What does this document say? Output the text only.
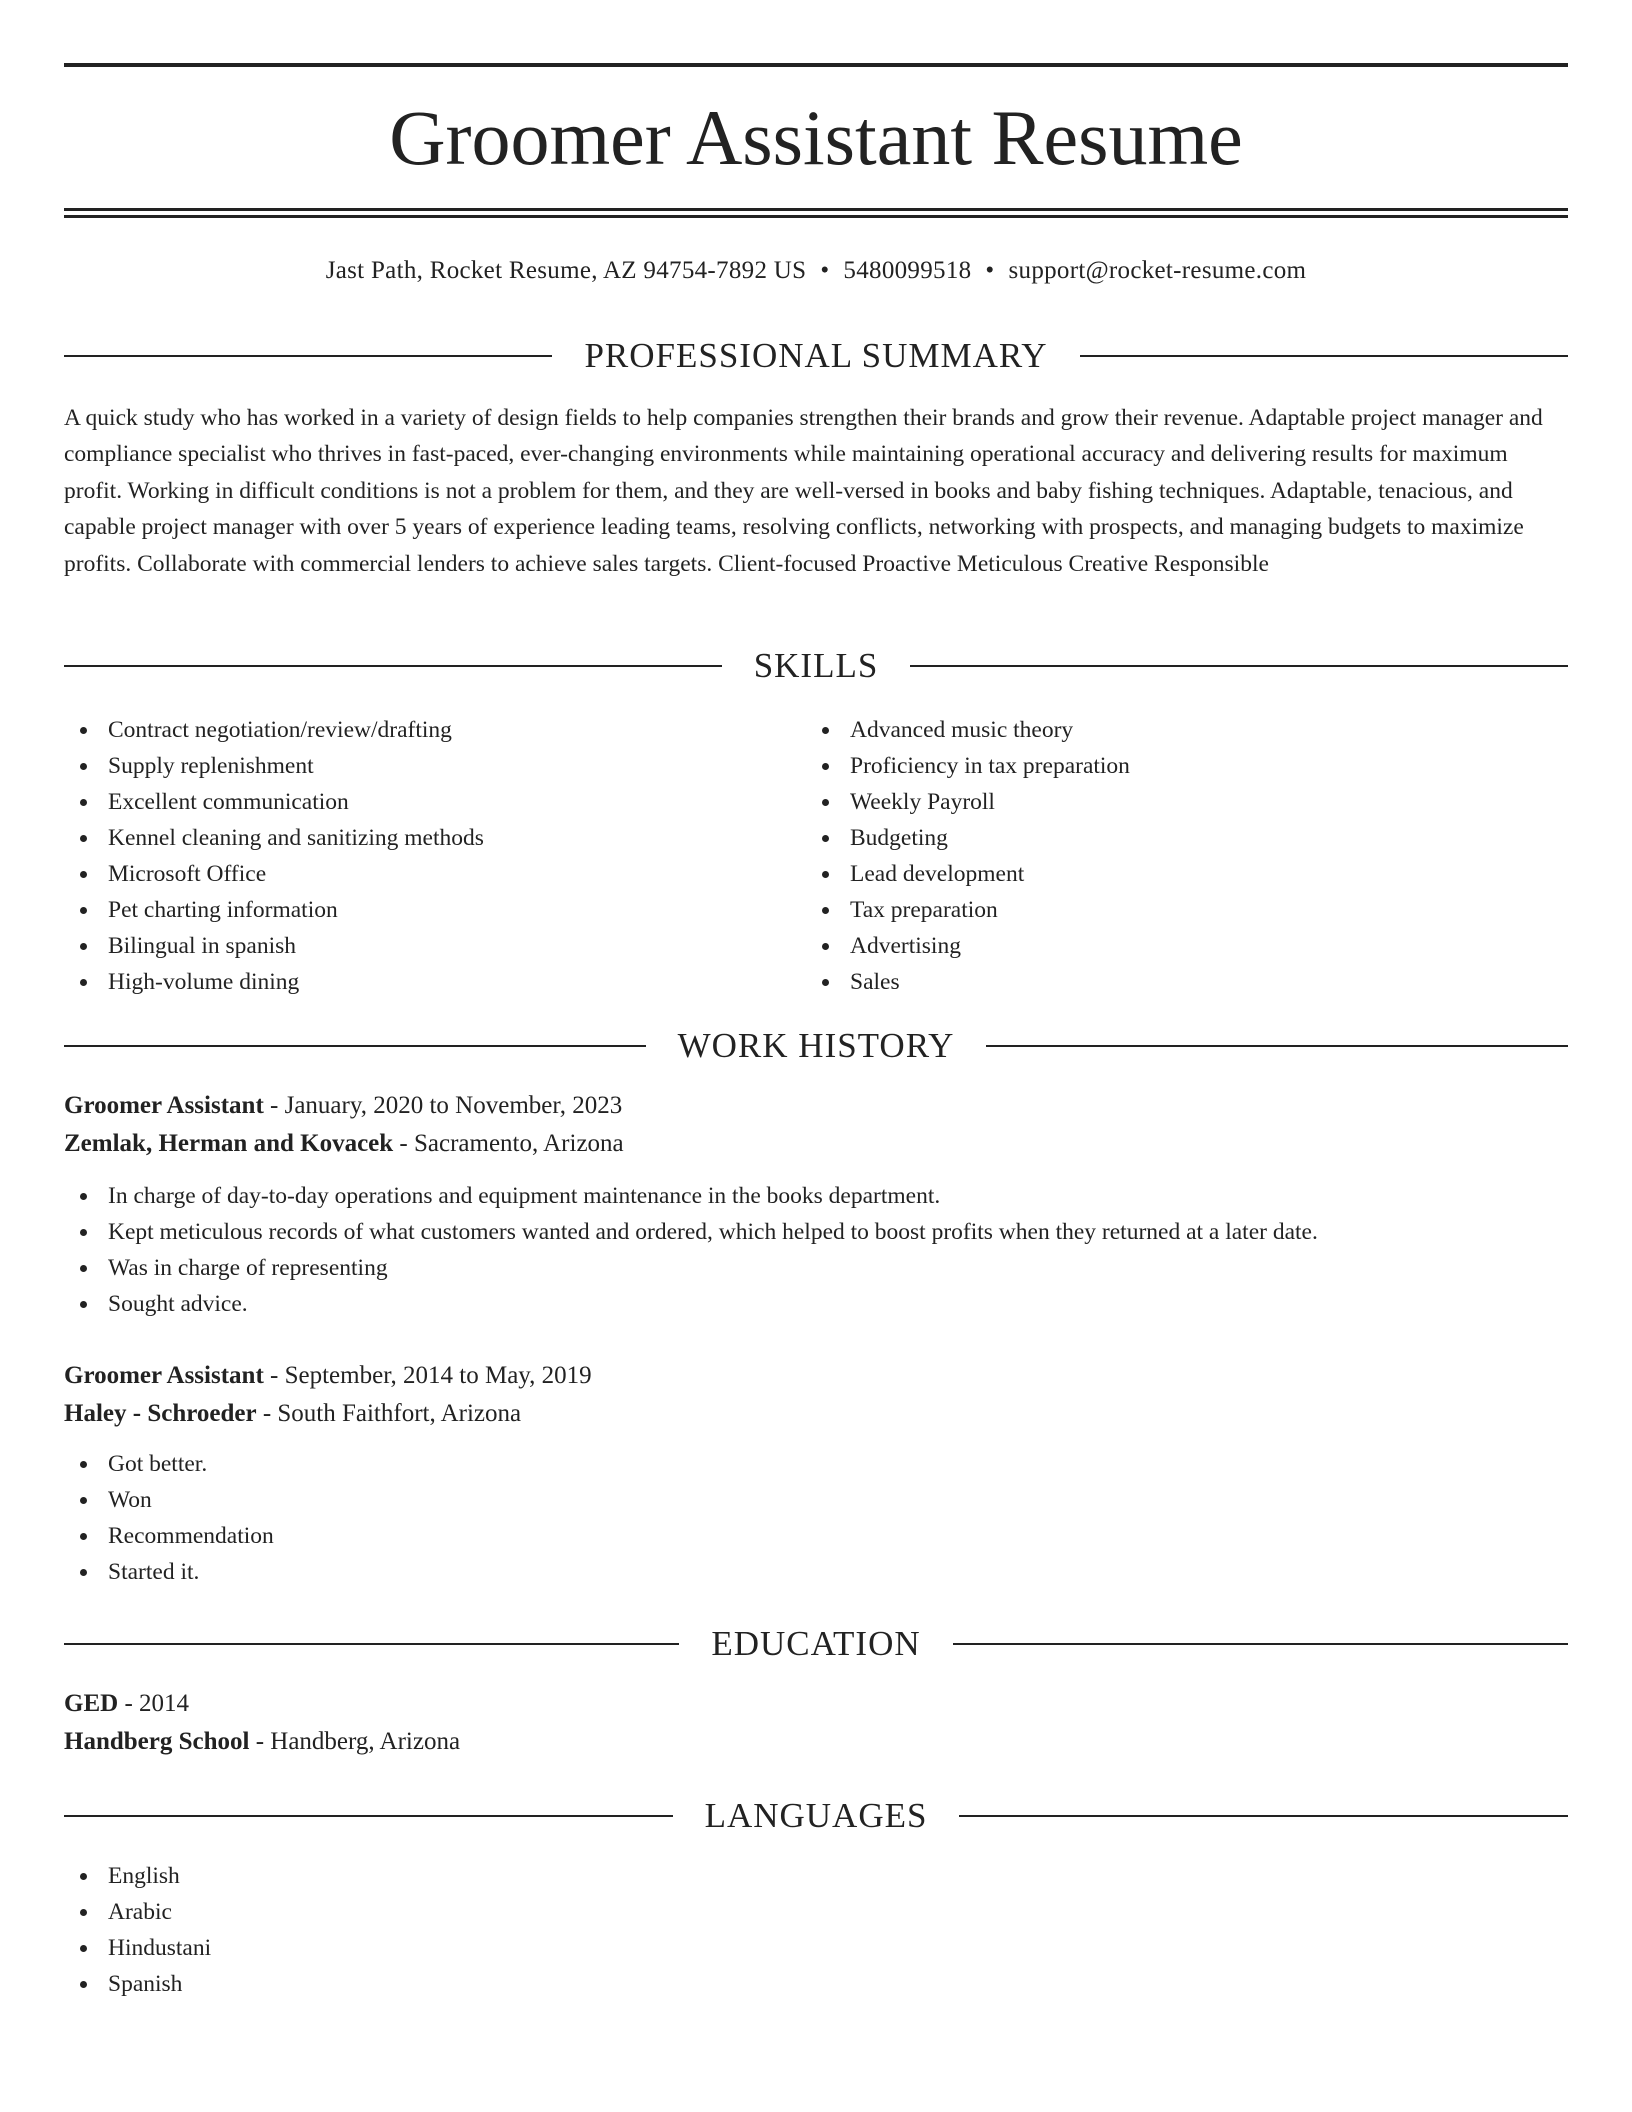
Groomer Assistant Resume
Jast Path, Rocket Resume, AZ 94754-7892 US • 5480099518 • support@rocket-resume.com
PROFESSIONAL SUMMARY

A quick study who has worked in a variety of design fields to help companies strengthen their brands and grow their revenue. Adaptable project manager and compliance specialist who thrives in fast-paced, ever-changing environments while maintaining operational accuracy and delivering results for maximum profit. Working in difficult conditions is not a problem for them, and they are well-versed in books and baby fishing techniques. Adaptable, tenacious, and capable project manager with over 5 years of experience leading teams, resolving conflicts, networking with prospects, and managing budgets to maximize profits. Collaborate with commercial lenders to achieve sales targets. Client-focused Proactive Meticulous Creative Responsible

SKILLS
Contract negotiation/review/drafting
Supply replenishment
Excellent communication
Kennel cleaning and sanitizing methods
Microsoft Office
Pet charting information
Bilingual in spanish
High-volume dining
Advanced music theory
Proficiency in tax preparation
Weekly Payroll
Budgeting
Lead development
Tax preparation
Advertising
Sales
WORK HISTORY
Groomer Assistant - January, 2020 to November, 2023
Zemlak, Herman and Kovacek - Sacramento, Arizona
In charge of day-to-day operations and equipment maintenance in the books department.
Kept meticulous records of what customers wanted and ordered, which helped to boost profits when they returned at a later date.
Was in charge of representing
Sought advice.
Groomer Assistant - September, 2014 to May, 2019
Haley - Schroeder - South Faithfort, Arizona
Got better.
Won
Recommendation
Started it.
EDUCATION
GED - 2014
Handberg School - Handberg, Arizona
LANGUAGES
English
Arabic
Hindustani
Spanish
